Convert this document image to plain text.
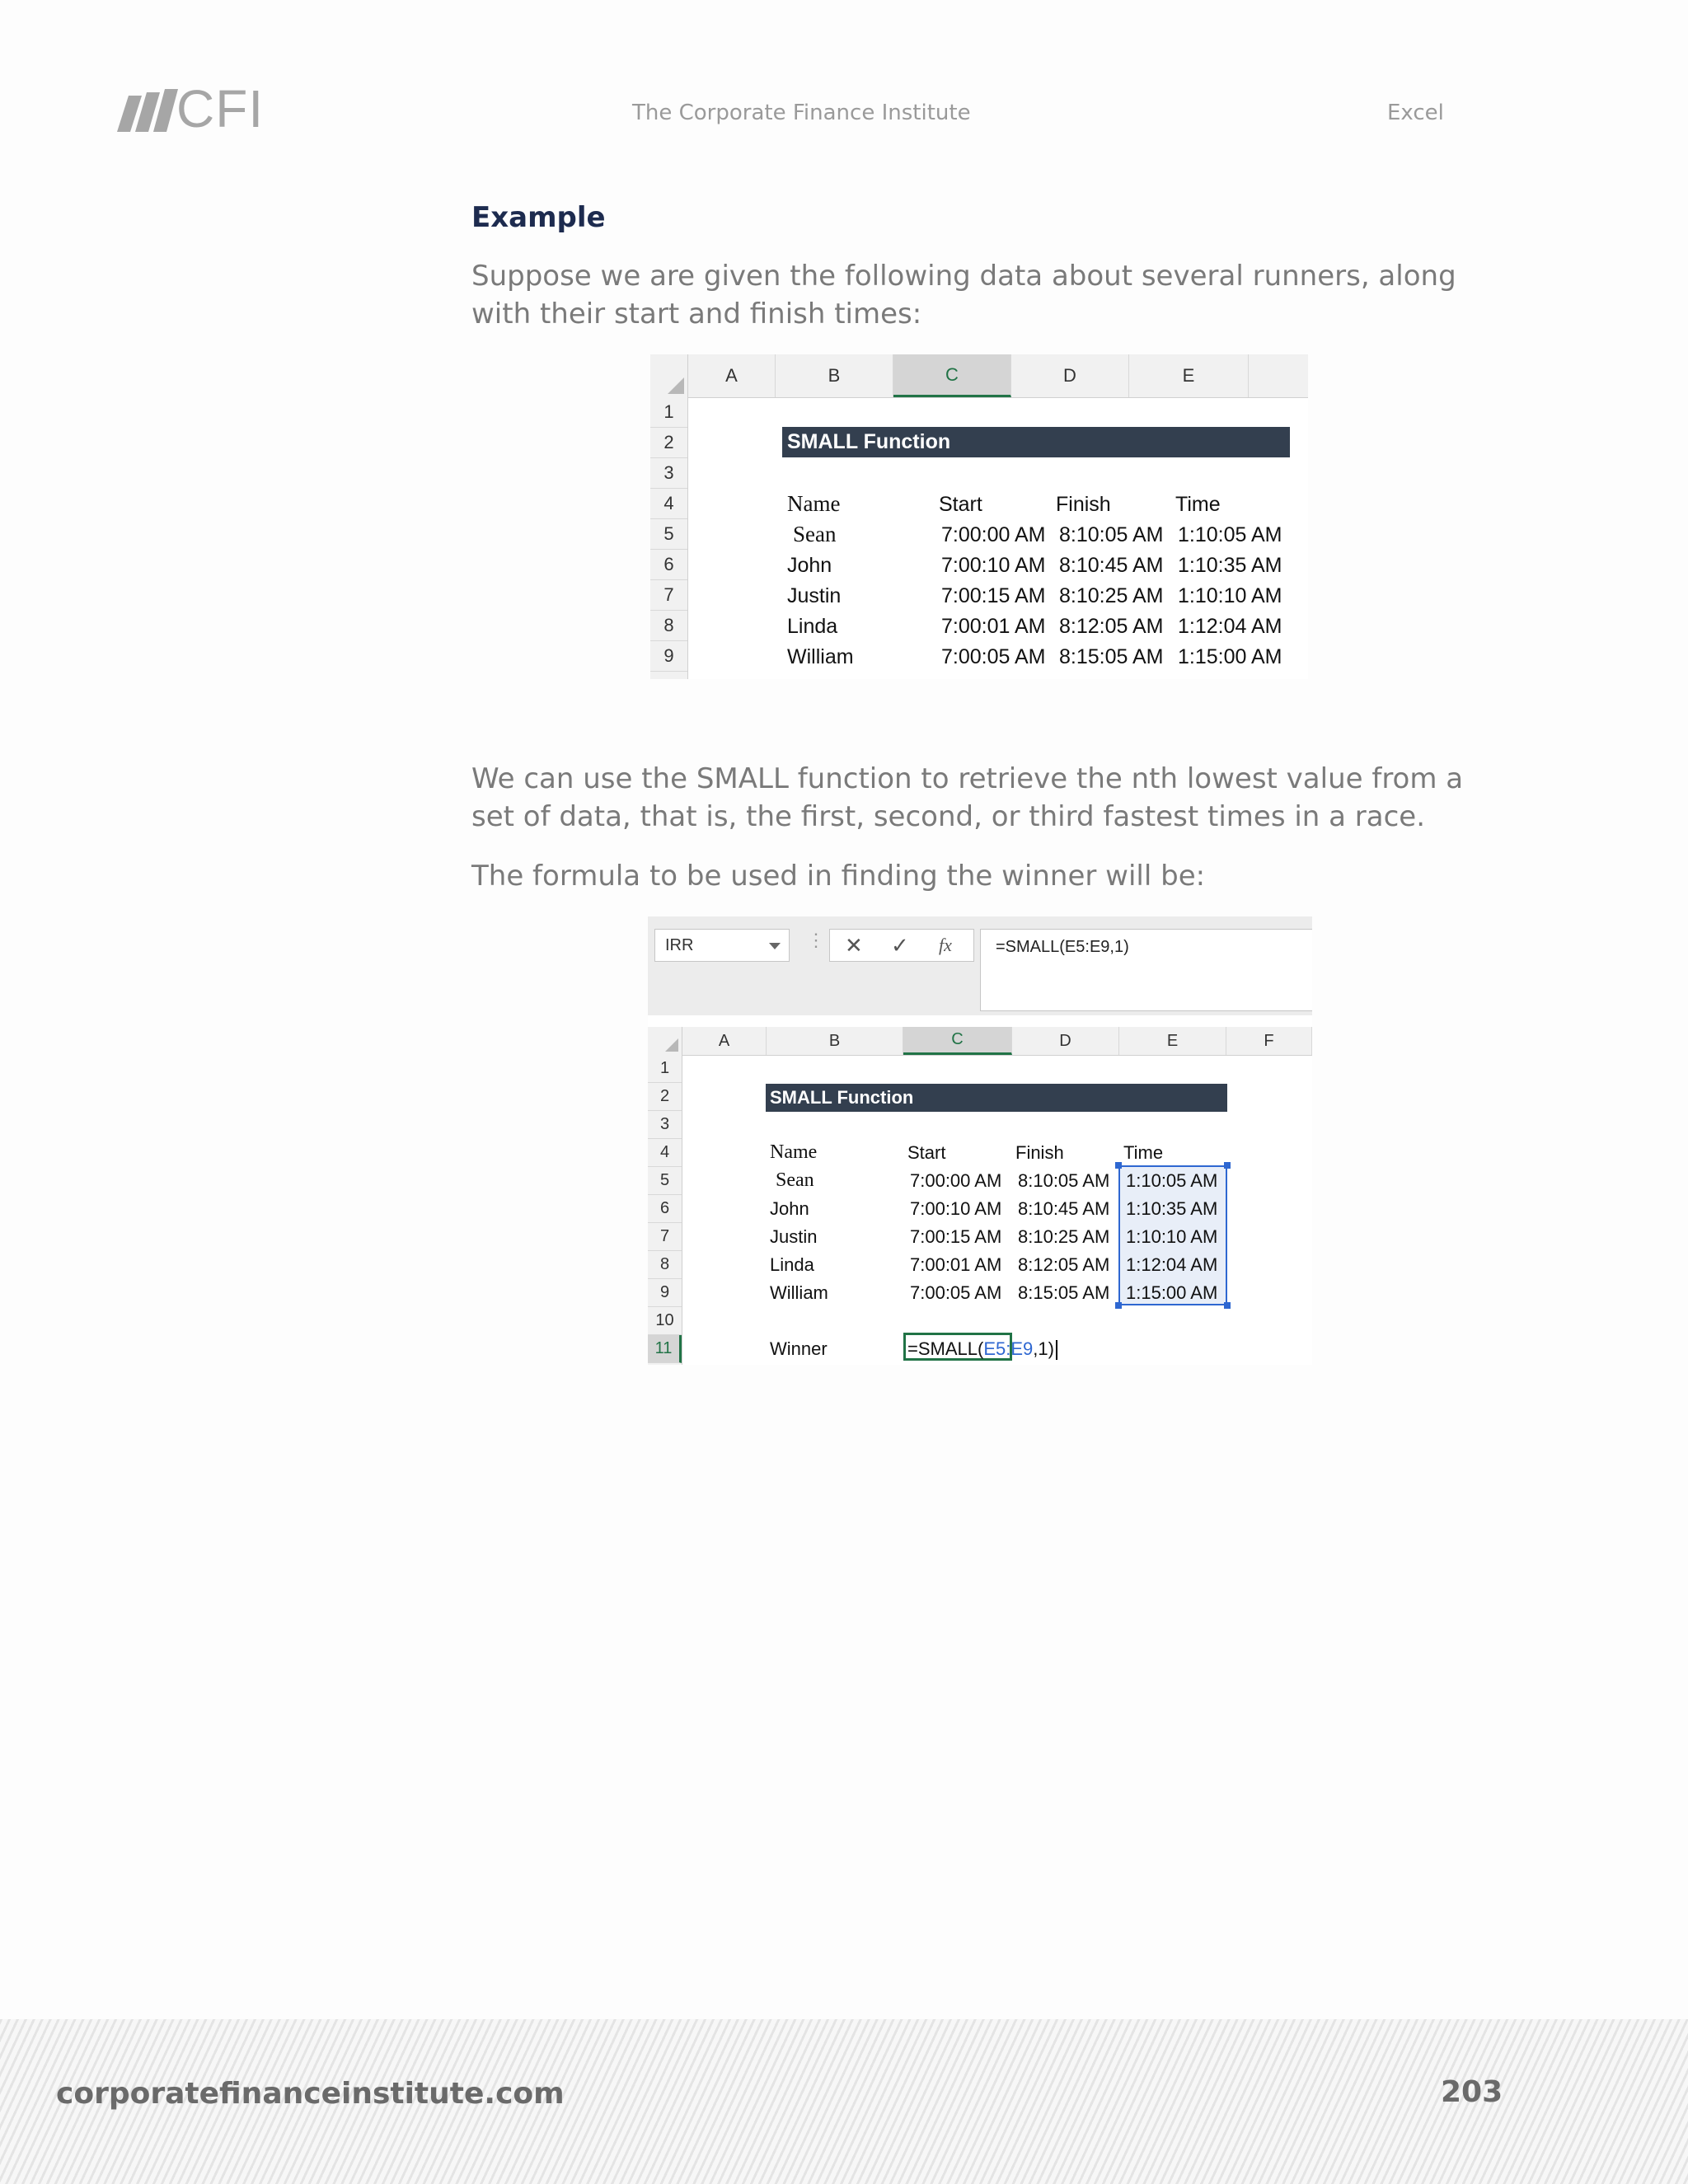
CFI	The Corporate Finance Institute	Excel
Example
Suppose we are given the following data about several runners, along with their start and finish times:
A	B	C	D	E
1
2
3
4
5
6
7
8
9
SMALL Function
Name	Start	Finish	Time
Sean	7:00:00 AM 8:10:05 AM 1:10:05 AM
John	7:00:10 AM 8:10:45 AM 1:10:35 AM
Justin	7:00:15 AM 8:10:25 AM 1:10:10 AM
Linda	7:00:01 AM 8:12:05 AM 1:12:04 AM
William	7:00:05 AM 8:15:05 AM 1:15:00 AM
We can use the SMALL function to retrieve the nth lowest value from a set of data, that is, the first, second, or third fastest times in a race.
The formula to be used in finding the winner will be:
IRR	⋮ ✕ ✓ fx	=SMALL(E5:E9,1)
A	B	C	D	E	F
1
2
3
4
5
6
7
8
9
10
11
SMALL Function
Name	Start	Finish	Time
Sean	7:00:00 AM 8:10:05 AM 1:10:05 AM
John	7:00:10 AM 8:10:45 AM 1:10:35 AM
Justin	7:00:15 AM 8:10:25 AM 1:10:10 AM
Linda	7:00:01 AM 8:12:05 AM 1:12:04 AM
William	7:00:05 AM 8:15:05 AM 1:15:00 AM
Winner	=SMALL(E5:E9,1)
corporatefinanceinstitute.com	203
